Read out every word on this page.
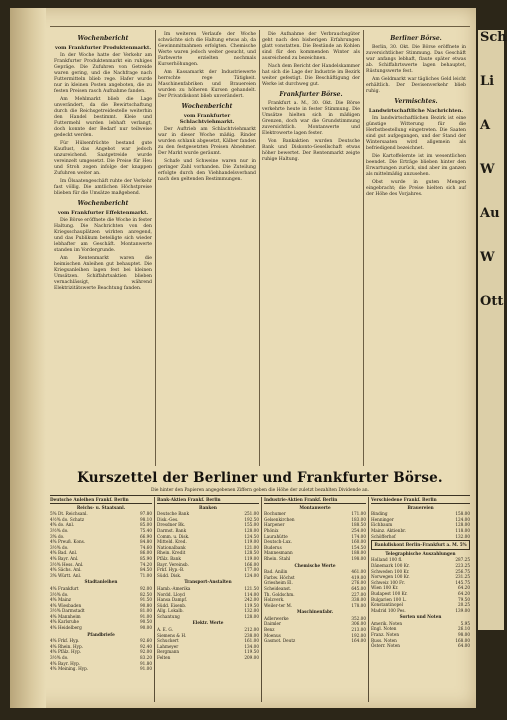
Wochenbericht
vom Frankfurter Produktenmarkt.

In der Woche hatte der Verkehr am Frankfurter Produktenmarkt ein ruhiges Gepräge. Die Zufuhren von Getreide waren gering, und die Nachfrage nach Futtermitteln blieb rege. Hafer wurde nur in kleinen Posten angeboten, die zu festen Preisen rasch Aufnahme fanden.

Am Mehlmarkt blieb die Lage unverändert, da die Bewirtschaftung durch die Reichsgetreidestelle weiterhin den Handel bestimmt. Kleie und Futtermehl wurden lebhaft verlangt, doch konnte der Bedarf nur teilweise gedeckt werden.

Für Hülsenfrüchte bestand gute Kauflust, das Angebot war jedoch unzureichend. Saatgetreide wurde vereinzelt umgesetzt. Die Preise für Heu und Stroh zogen infolge der knappen Zufuhren weiter an.

Im Ölsaatengeschäft ruhte der Verkehr fast völlig. Die amtlichen Höchstpreise blieben für die Umsätze maßgebend.

Wochenbericht
vom Frankfurter Effektenmarkt.

Die Börse eröffnete die Woche in fester Haltung. Die Nachrichten von den Kriegsschauplätzen wirkten anregend, und das Publikum beteiligte sich wieder lebhafter am Geschäft. Montanwerte standen im Vordergrunde.

Am Rentenmarkt waren die heimischen Anleihen gut behauptet. Die Kriegsanleihen lagen fest bei kleinen Umsätzen. Schiffahrtsaktien blieben vernachlässigt, während Elektrizitätswerte Beachtung fanden.

Im weiteren Verlaufe der Woche schwächte sich die Haltung etwas ab, da Gewinnmitnahmen erfolgten. Chemische Werte waren jedoch weiter gesucht, und Farbwerte erzielten nochmals Kurserhöhungen.

Am Kassamarkt der Industriewerte herrschte rege Tätigkeit. Maschinenfabriken und Brauereien wurden zu höheren Kursen gehandelt. Der Privatdiskont blieb unverändert.

Wochenbericht
vom Frankfurter Schlachtviehmarkt.

Der Auftrieb am Schlachtviehmarkt war in dieser Woche mäßig. Rinder wurden schlank abgesetzt, Kälber fanden zu den festgesetzten Preisen Abnehmer. Der Markt wurde geräumt.

Schafe und Schweine waren nur in geringer Zahl vorhanden. Die Zuteilung erfolgte durch den Viehhandelsverband nach den geltenden Bestimmungen.

Die Aufnahme der Verbrauchsgüter geht nach den bisherigen Erfahrungen glatt vonstatten. Die Bestände an Kohlen sind für den kommenden Winter als ausreichend zu bezeichnen.

Nach dem Bericht der Handelskammer hat sich die Lage der Industrie im Bezirk weiter gefestigt. Die Beschäftigung der Werke ist durchweg gut.

Frankfurter Börse.

Frankfurt a. M., 30. Okt. Die Börse verkehrte heute in fester Stimmung. Die Umsätze hielten sich in mäßigen Grenzen, doch war die Grundstimmung zuversichtlich. Montanwerte und Elektrowerte lagen fester.

Von Bankaktien wurden Deutsche Bank und Diskonto-Gesellschaft etwas höher bewertet. Der Rentenmarkt zeigte ruhige Haltung.

Berliner Börse.

Berlin, 30. Okt. Die Börse eröffnete in zuversichtlicher Stimmung. Das Geschäft war anfangs lebhaft, flaute später etwas ab. Schiffahrtswerte lagen behauptet, Rüstungswerte fest.

Am Geldmarkt war tägliches Geld leicht erhältlich. Der Devisenverkehr blieb ruhig.

Vermischtes.
Landwirtschaftliche Nachrichten.

Im landwirtschaftlichen Bezirk ist eine günstige Witterung für die Herbstbestellung eingetreten. Die Saaten sind gut aufgegangen, und der Stand der Wintersaaten wird allgemein als befriedigend bezeichnet.

Die Kartoffelernte ist im wesentlichen beendet. Die Erträge blieben hinter den Erwartungen zurück, sind aber im ganzen als mittelmäßig anzusehen.

Obst wurde in guten Mengen eingebracht; die Preise hielten sich auf der Höhe des Vorjahres.

Kurszettel der Berliner und Frankfurter Börse.
Die hinter den Papieren angegebenen Ziffern geben die Höhe der zuletzt bezahlten Dividende an.
Deutsche Anleihen Frankf. Berlin
Reichs- u. Staatsanl.
5% Dt. Reichsanl.	97.80
4½% do. Schatz	98.10
4% do. Anl.	85.00
3½% do.	75.40
3% do.	66.90
4% Preuß. Kons.	84.80
3½% do.	74.60
4% Bad. Anl.	86.00
4% Bayr. Anl.	85.90
3½% Hess. Anl.	74.20
4% Sächs. Anl.	84.50
3% Württ. Anl.	71.00
Stadtanleihen
4% Frankfurt	92.00
3½% do.	82.50
4% Mainz	91.50
4% Wiesbaden	90.80
3½% Darmstadt	81.00
4% Mannheim	91.00
4% Karlsruhe	90.50
4% Heidelberg	90.00
Pfandbriefe
4% Frkf. Hyp.	92.60
4% Rhein. Hyp.	92.40
4% Pfälz. Hyp.	92.00
3½% do.	83.20
4% Bayr. Hyp.	91.80
4% Meining. Hyp.	91.00
Bank-Aktien Frankf. Berlin
Banken
Deutsche Bank	251.00
Disk.-Ges.	192.50
Dresdner Bk.	155.00
Darmst. Bank	128.00
Comm. u. Disk.	124.50
Mitteld. Kred.	119.00
Nationalbank	121.00
Rhein. Kredit	128.50
Pfälz. Bank	119.00
Bayr. Vereinsb.	166.00
Frkf. Hyp.-B.	177.00
Südd. Disk.	124.00
Transport-Anstalten
Hamb.-Amerika	121.50
Nordd. Lloyd	114.00
Hansa Dampf.	242.00
Südd. Eisenb.	119.50
Allg. Lokalb.	132.00
Schantung	128.00
Elektr. Werte
A. E. G.	212.00
Siemens & H.	238.00
Schuckert	161.00
Lahmeyer	134.00
Bergmann	119.50
Felten	209.00
Industrie-Aktien Frankf. Berlin
Montanwerte
Bochumer	171.00
Gelsenkirchen	183.00
Harpener	188.50
Phönix	254.00
Laurahütte	174.00
Deutsch-Lux.	160.00
Buderus	154.50
Mannesmann	188.00
Rhein. Stahl	198.00
Chemische Werte
Bad. Anilin	461.00
Farbw. Höchst	419.00
Griesheim El.	276.00
Scheideanst.	645.00
Th. Goldschm.	227.00
Holzverk.	338.00
Weiler-ter M.	178.00
Maschinenfabr.
Adlerwerke	352.00
Daimler	306.00
Benz	213.00
Moenus	192.00
Gasmot. Deutz	164.00
Verschiedene Frankf. Berlin
Brauereien
Binding	158.00
Henninger	124.00
Eichbaum	128.00
Mainz. Aktienbr.	118.00
Schöfferhof	132.00
Bankdiskont Berlin–Frankfurt a. M. 5%
Telegraphische Auszahlungen
Holland 100 fl.	287.25
Dänemark 100 Kr.	223.25
Schweden 100 Kr.	256.75
Norwegen 100 Kr.	231.25
Schweiz 100 Fr.	145.75
Wien 100 Kr.	64.20
Budapest 100 Kr.	64.20
Bulgarien 100 L.	79.50
Konstantinopel	20.25
Madrid 100 Pes.	139.00
Sorten und Noten
Amerik. Noten	5.95
Engl. Noten	26.10
Franz. Noten	98.00
Russ. Noten	168.00
Österr. Noten	64.00
Sch
Li
A
W
Au
W
Ott
